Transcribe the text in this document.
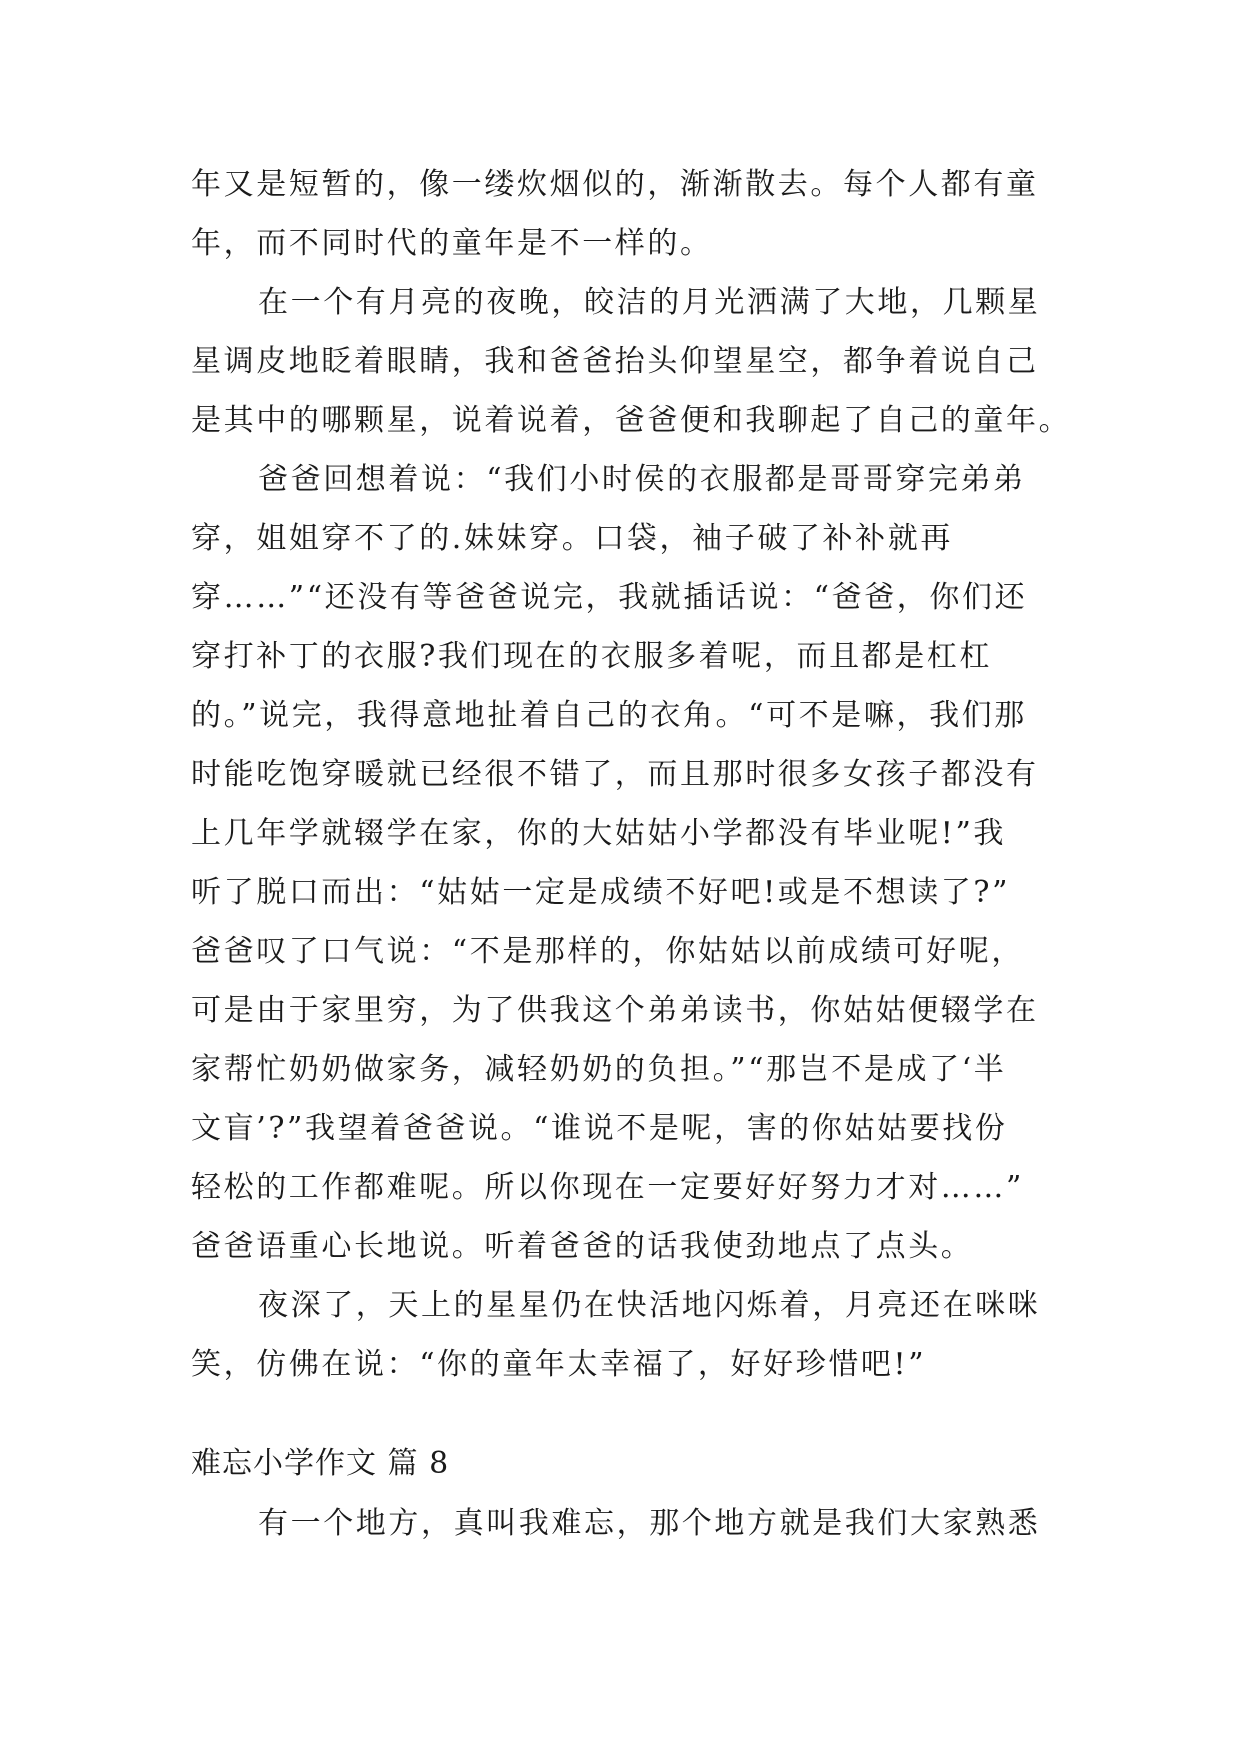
年又是短暂的，像一缕炊烟似的，渐渐散去。每个人都有童
年，而不同时代的童年是不一样的。
在一个有月亮的夜晚，皎洁的月光洒满了大地，几颗星
星调皮地眨着眼睛，我和爸爸抬头仰望星空，都争着说自己
是其中的哪颗星，说着说着，爸爸便和我聊起了自己的童年。
爸爸回想着说：“我们小时侯的衣服都是哥哥穿完弟弟
穿，姐姐穿不了的.妹妹穿。口袋，袖子破了补补就再
穿……”“还没有等爸爸说完，我就插话说：“爸爸，你们还
穿打补丁的衣服?我们现在的衣服多着呢，而且都是杠杠
的。”说完，我得意地扯着自己的衣角。“可不是嘛，我们那
时能吃饱穿暖就已经很不错了，而且那时很多女孩子都没有
上几年学就辍学在家，你的大姑姑小学都没有毕业呢!”我
听了脱口而出：“姑姑一定是成绩不好吧!或是不想读了?”
爸爸叹了口气说：“不是那样的，你姑姑以前成绩可好呢，
可是由于家里穷，为了供我这个弟弟读书，你姑姑便辍学在
家帮忙奶奶做家务，减轻奶奶的负担。”“那岂不是成了‘半
文盲’?”我望着爸爸说。“谁说不是呢，害的你姑姑要找份
轻松的工作都难呢。所以你现在一定要好好努力才对……”
爸爸语重心长地说。听着爸爸的话我使劲地点了点头。
夜深了，天上的星星仍在快活地闪烁着，月亮还在咪咪
笑，仿佛在说：“你的童年太幸福了，好好珍惜吧!”
难忘小学作文 篇 8
有一个地方，真叫我难忘，那个地方就是我们大家熟悉
